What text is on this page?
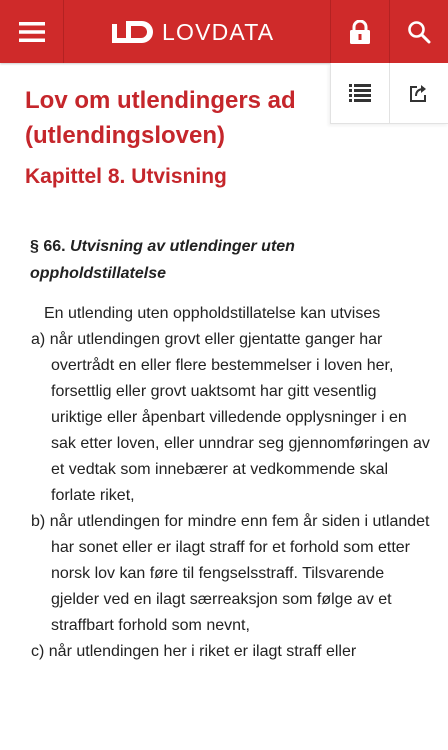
LOVDATA
Lov om utlendingers ad
(utlendingsloven)
Kapittel 8. Utvisning
§ 66. Utvisning av utlendinger uten oppholdstillatelse

En utlending uten oppholdstillatelse kan utvises

a) når utlendingen grovt eller gjentatte ganger har overtrådt en eller flere bestemmelser i loven her, forsettlig eller grovt uaktsomt har gitt vesentlig uriktige eller åpenbart villedende opplysninger i en sak etter loven, eller unndrar seg gjennomføringen av et vedtak som innebærer at vedkommende skal forlate riket,

b) når utlendingen for mindre enn fem år siden i utlandet har sonet eller er ilagt straff for et forhold som etter norsk lov kan føre til fengselsstraff. Tilsvarende gjelder ved en ilagt særreaksjon som følge av et straffbart forhold som nevnt,

c) når utlendingen her i riket er ilagt straff eller
